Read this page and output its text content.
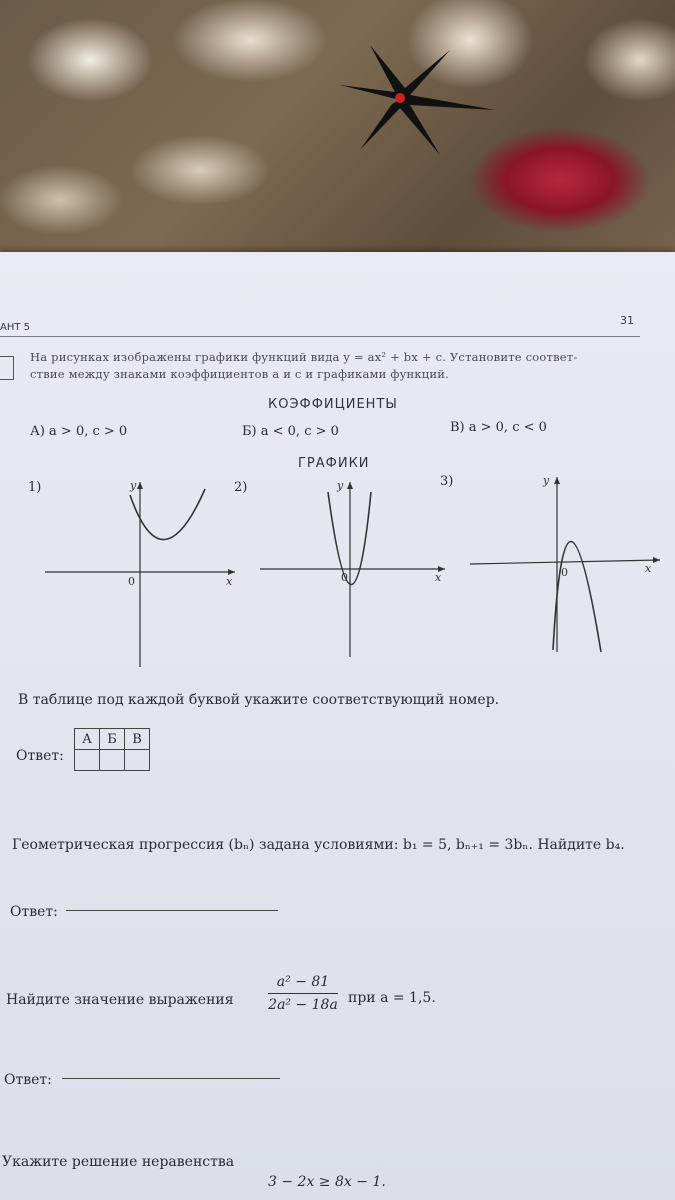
АНТ 5
31
На рисунках изображены графики функций вида y = ax² + bx + c. Установите соответ-
ствие между знаками коэффициентов a и c и графиками функций.
КОЭФФИЦИЕНТЫ
А) a > 0, c > 0	Б) a < 0, c > 0	В) a > 0, c < 0
ГРАФИКИ
1)	2)	3)
y
x
0
y
x
0
y
x
0
В таблице под каждой буквой укажите соответствующий номер.
Ответ:
А	Б	В

Геометрическая прогрессия (bₙ) задана условиями: b₁ = 5, bₙ₊₁ = 3bₙ. Найдите b₄.
Ответ:
Найдите значение выражения
a² − 81
2a² − 18a при a = 1,5.
Ответ:
Укажите решение неравенства
3 − 2x ≥ 8x − 1.
